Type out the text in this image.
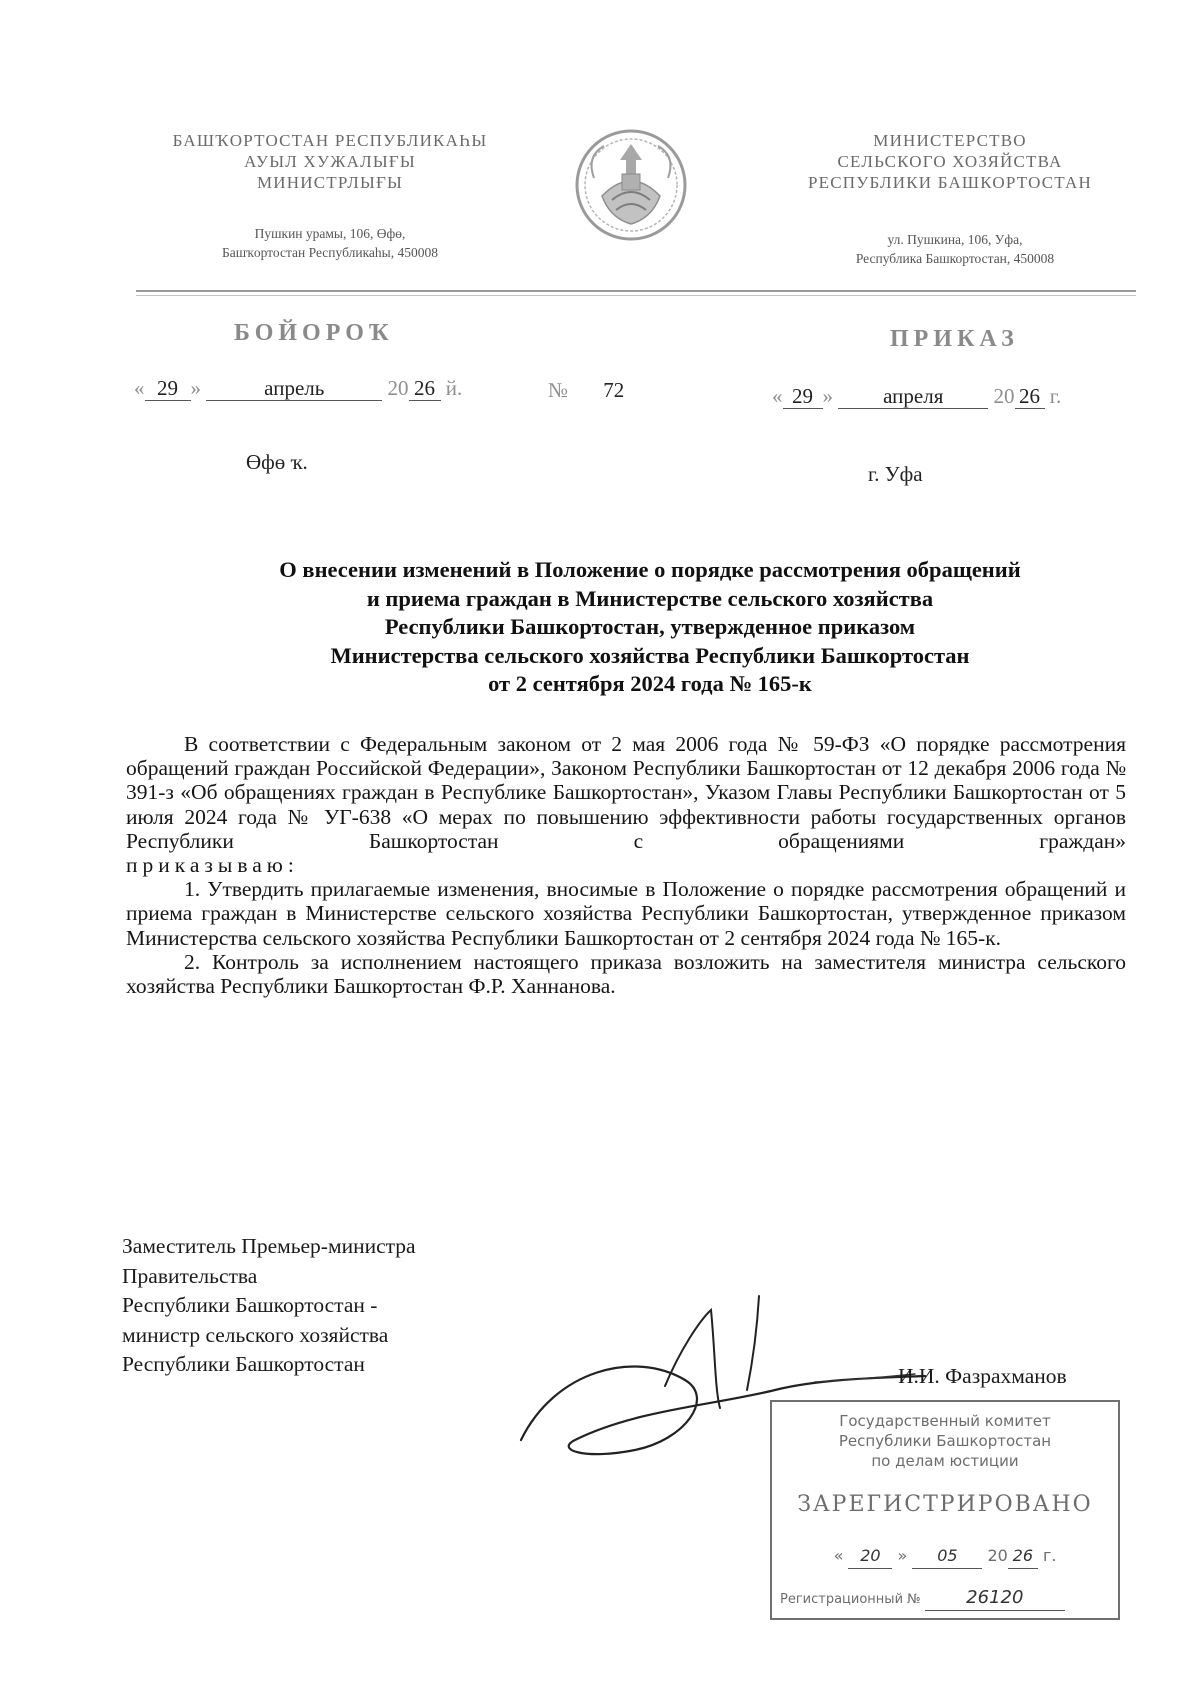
БАШҠОРТОСТАН РЕСПУБЛИКАҺЫ
АУЫЛ ХУЖАЛЫҒЫ
МИНИСТРЛЫҒЫ
Пушкин урамы, 106, Өфө,
Башҡортостан Республикаһы, 450008
МИНИСТЕРСТВО
СЕЛЬСКОГО ХОЗЯЙСТВА
РЕСПУБЛИКИ БАШКОРТОСТАН
ул. Пушкина, 106, Уфа,
Республика Башкортостан, 450008
БОЙОРОҠ	ПРИКАЗ
« 29 »	апрель	20 26 й.	№ 72	« 29 » апреля 20 26 г.
Өфө ҡ.	г. Уфа
О внесении изменений в Положение о порядке рассмотрения обращений
и приема граждан в Министерстве сельского хозяйства
Республики Башкортостан, утвержденное приказом
Министерства сельского хозяйства Республики Башкортостан
от 2 сентября 2024 года № 165-к

В соответствии с Федеральным законом от 2 мая 2006 года № 59-ФЗ «О порядке рассмотрения обращений граждан Российской Федерации», Законом Республики Башкортостан от 12 декабря 2006 года № 391-з «Об обращениях граждан в Республике Башкортостан», Указом Главы Республики Башкортостан от 5 июля 2024 года № УГ-638 «О мерах по повышению эффективности работы государственных органов Республики Башкортостан с обращениями граждан»

приказываю:

1. Утвердить прилагаемые изменения, вносимые в Положение о порядке рассмотрения обращений и приема граждан в Министерстве сельского хозяйства Республики Башкортостан, утвержденное приказом Министерства сельского хозяйства Республики Башкортостан от 2 сентября 2024 года № 165-к.

2. Контроль за исполнением настоящего приказа возложить на заместителя министра сельского хозяйства Республики Башкортостан Ф.Р. Ханнанова.

Заместитель Премьер-министра
Правительства
Республики Башкортостан -
министр сельского хозяйства
Республики Башкортостан	И.И. Фазрахманов
Государственный комитет
Республики Башкортостан
по делам юстиции
ЗАРЕГИСТРИРОВАНО
« 20 » 05 20 26 г.
Регистрационный №	26120
